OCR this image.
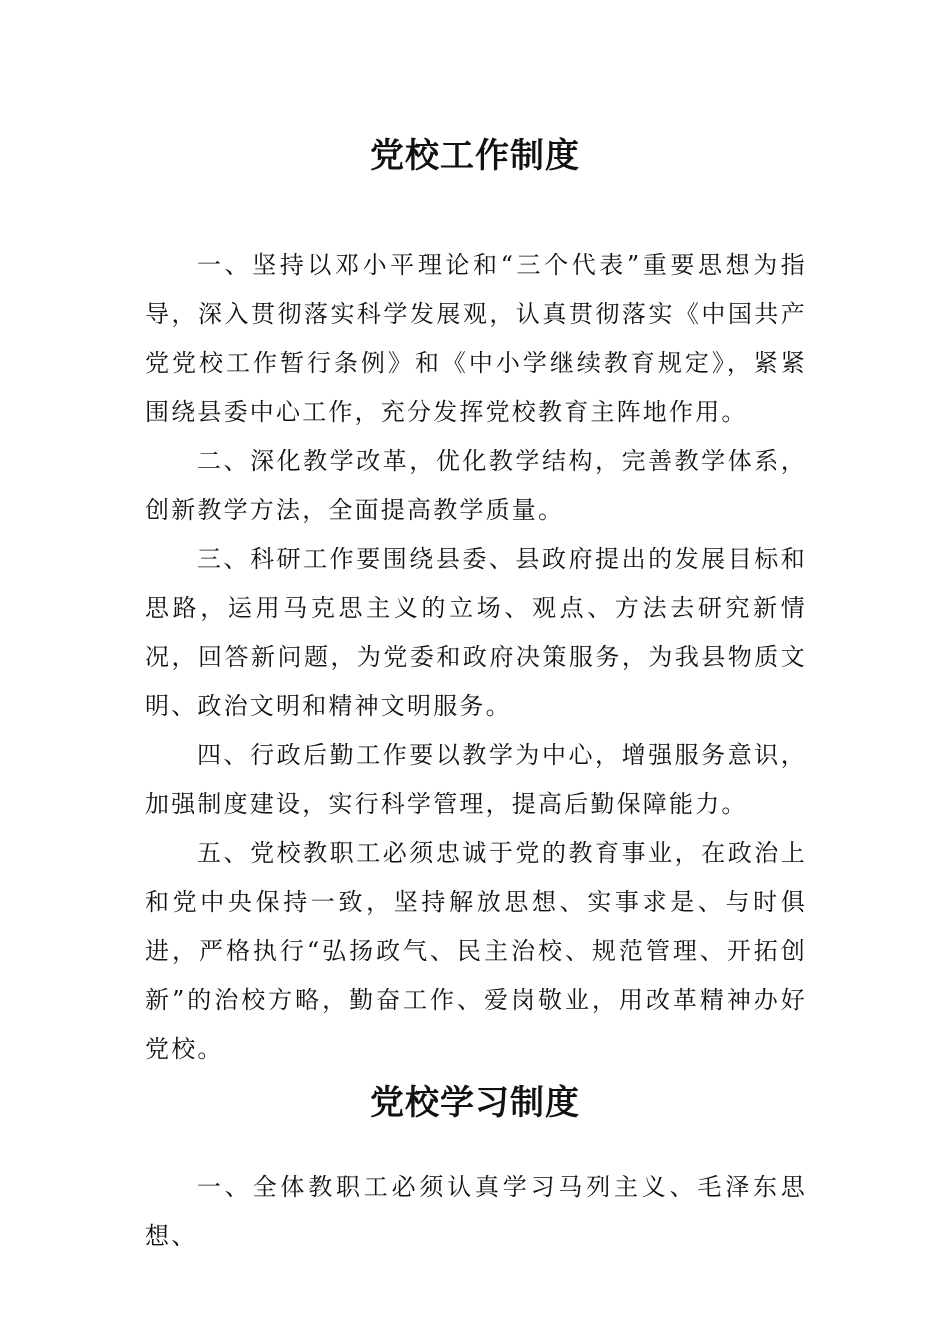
党校工作制度

一、坚持以邓小平理论和“三个代表”重要思想为指导，深入贯彻落实科学发展观，认真贯彻落实《中国共产党党校工作暂行条例》和《中小学继续教育规定》，紧紧围绕县委中心工作，充分发挥党校教育主阵地作用。

二、深化教学改革，优化教学结构，完善教学体系，创新教学方法，全面提高教学质量。

三、科研工作要围绕县委、县政府提出的发展目标和思路，运用马克思主义的立场、观点、方法去研究新情况，回答新问题，为党委和政府决策服务，为我县物质文明、政治文明和精神文明服务。

四、行政后勤工作要以教学为中心，增强服务意识，加强制度建设，实行科学管理，提高后勤保障能力。

五、党校教职工必须忠诚于党的教育事业，在政治上和党中央保持一致，坚持解放思想、实事求是、与时俱进，严格执行“弘扬政气、民主治校、规范管理、开拓创新”的治校方略，勤奋工作、爱岗敬业，用改革精神办好党校。

党校学习制度

一、全体教职工必须认真学习马列主义、毛泽东思想、
